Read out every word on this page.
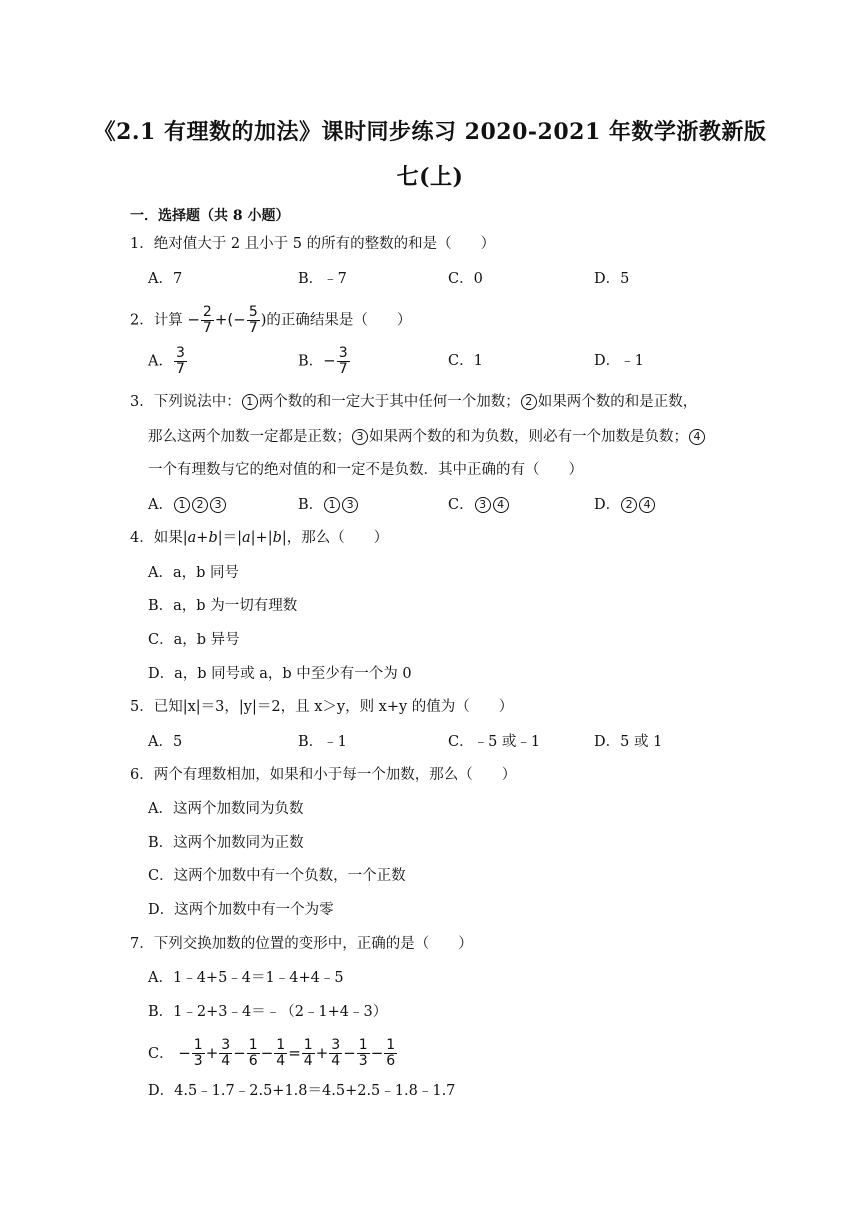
《2.1 有理数的加法》课时同步练习 2020-2021 年数学浙教新版
七(上)
一．选择题（共 8 小题）
1．绝对值大于 2 且小于 5 的所有的整数的和是（　　）
A．7	B．﹣7	C．0	D．5
2．计算 − $\frac{2}{7}$ +(− $\frac{5}{7}$ )的正确结果是（　　）
A． $\frac{3}{7}$	B．− $\frac{3}{7}$	C．1	D．﹣1
3．下列说法中： 1 两个数的和一定大于其中任何一个加数； 2 如果两个数的和是正数，
那么这两个加数一定都是正数； 3 如果两个数的和为负数，则必有一个加数是负数； 4
一个有理数与它的绝对值的和一定不是负数．其中正确的有（　　）
A． 1 2 3	B． 1 3	C． 3 4	D． 2 4
4．如果|a+b|＝|a|+|b|，那么（　　）
A．a，b 同号
B．a，b 为一切有理数
C．a，b 异号
D．a，b 同号或 a，b 中至少有一个为 0
5．已知|x|＝3，|y|＝2，且 x＞y，则 x+y 的值为（　　）
A．5	B．﹣1	C．﹣5 或﹣1	D．5 或 1
6．两个有理数相加，如果和小于每一个加数，那么（　　）
A．这两个加数同为负数
B．这两个加数同为正数
C．这两个加数中有一个负数，一个正数
D．这两个加数中有一个为零
7．下列交换加数的位置的变形中，正确的是（　　）
A．1﹣4+5﹣4＝1﹣4+4﹣5
B．1﹣2+3﹣4＝﹣（2﹣1+4﹣3）
C． − $\frac{1}{3} + \frac{3}{4} - \frac{1}{6} - \frac{1}{4} = \frac{1}{4} + \frac{3}{4} - \frac{1}{3} - \frac{1}{6}$
D．4.5﹣1.7﹣2.5+1.8＝4.5+2.5﹣1.8﹣1.7
